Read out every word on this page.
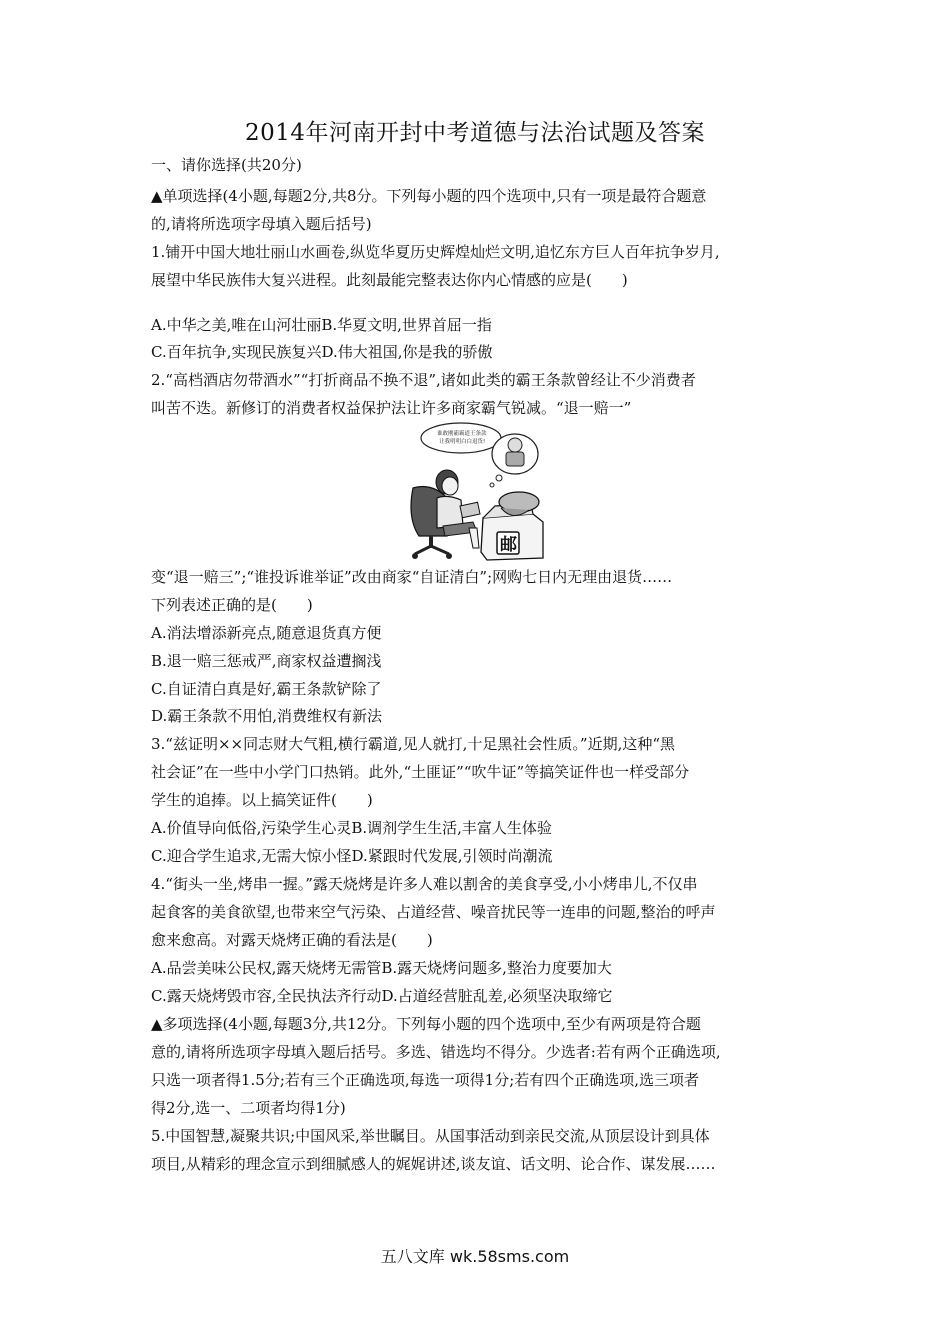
2014年河南开封中考道德与法治试题及答案
一、请你选择(共20分)
▲单项选择(4小题,每题2分,共8分。下列每小题的四个选项中,只有一项是最符合题意
的,请将所选项字母填入题后括号)
1.铺开中国大地壮丽山水画卷,纵览华夏历史辉煌灿烂文明,追忆东方巨人百年抗争岁月,
展望中华民族伟大复兴进程。此刻最能完整表达你内心情感的应是(　　)
A.中华之美,唯在山河壮丽B.华夏文明,世界首屈一指
C.百年抗争,实现民族复兴D.伟大祖国,你是我的骄傲
2.“高档酒店勿带酒水”“打折商品不换不退”,诸如此类的霸王条款曾经让不少消费者
叫苦不迭。新修订的消费者权益保护法让许多商家霸气锐减。“退一赔一”
谁敢刚霸霸道王条款
让我明明白白退货!
邮
变“退一赔三”;“谁投诉谁举证”改由商家“自证清白”;网购七日内无理由退货……
下列表述正确的是(　　)
A.消法增添新亮点,随意退货真方便
B.退一赔三惩戒严,商家权益遭搁浅
C.自证清白真是好,霸王条款铲除了
D.霸王条款不用怕,消费维权有新法
3.“兹证明××同志财大气粗,横行霸道,见人就打,十足黑社会性质。”近期,这种“黑
社会证”在一些中小学门口热销。此外,“土匪证”“吹牛证”等搞笑证件也一样受部分
学生的追捧。以上搞笑证件(　　)
A.价值导向低俗,污染学生心灵B.调剂学生生活,丰富人生体验
C.迎合学生追求,无需大惊小怪D.紧跟时代发展,引领时尚潮流
4.“街头一坐,烤串一握。”露天烧烤是许多人难以割舍的美食享受,小小烤串儿,不仅串
起食客的美食欲望,也带来空气污染、占道经营、噪音扰民等一连串的问题,整治的呼声
愈来愈高。对露天烧烤正确的看法是(　　)
A.品尝美味公民权,露天烧烤无需管B.露天烧烤问题多,整治力度要加大
C.露天烧烤毁市容,全民执法齐行动D.占道经营脏乱差,必须坚决取缔它
▲多项选择(4小题,每题3分,共12分。下列每小题的四个选项中,至少有两项是符合题
意的,请将所选项字母填入题后括号。多选、错选均不得分。少选者:若有两个正确选项,
只选一项者得1.5分;若有三个正确选项,每选一项得1分;若有四个正确选项,选三项者
得2分,选一、二项者均得1分)
5.中国智慧,凝聚共识;中国风采,举世瞩目。从国事活动到亲民交流,从顶层设计到具体
项目,从精彩的理念宣示到细腻感人的娓娓讲述,谈友谊、话文明、论合作、谋发展……
五八文库 wk.58sms.com
